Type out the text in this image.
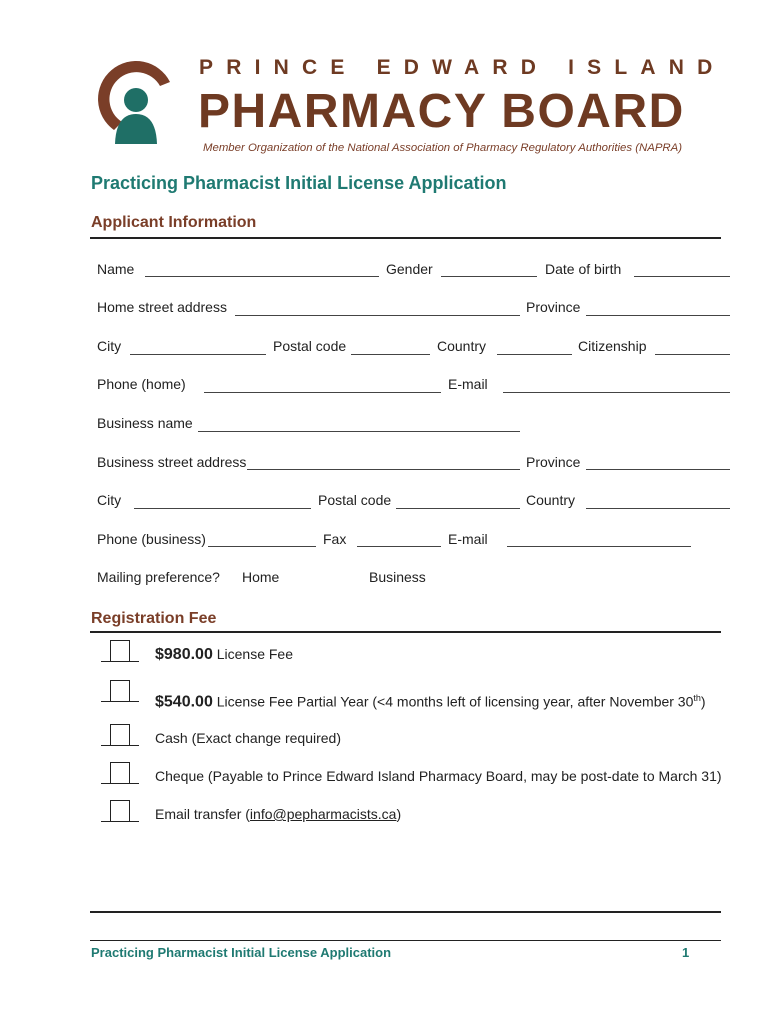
PRINCE EDWARD ISLAND
PHARMACY BOARD
Member Organization of the National Association of Pharmacy Regulatory Authorities (NAPRA)
Practicing Pharmacist Initial License Application
Applicant Information
Name	Gender	Date of birth
Home street address	Province
City	Postal code	Country	Citizenship
Phone (home)	E-mail
Business name
Business street address	Province
City	Postal code	Country
Phone (business)	Fax	E-mail
Mailing preference? Home	Business
Registration Fee
$980.00 License Fee
$540.00 License Fee Partial Year (<4 months left of licensing year, after November 30th)
Cash (Exact change required)
Cheque (Payable to Prince Edward Island Pharmacy Board, may be post-date to March 31)
Email transfer (info@pepharmacists.ca)
Practicing Pharmacist Initial License Application	1
